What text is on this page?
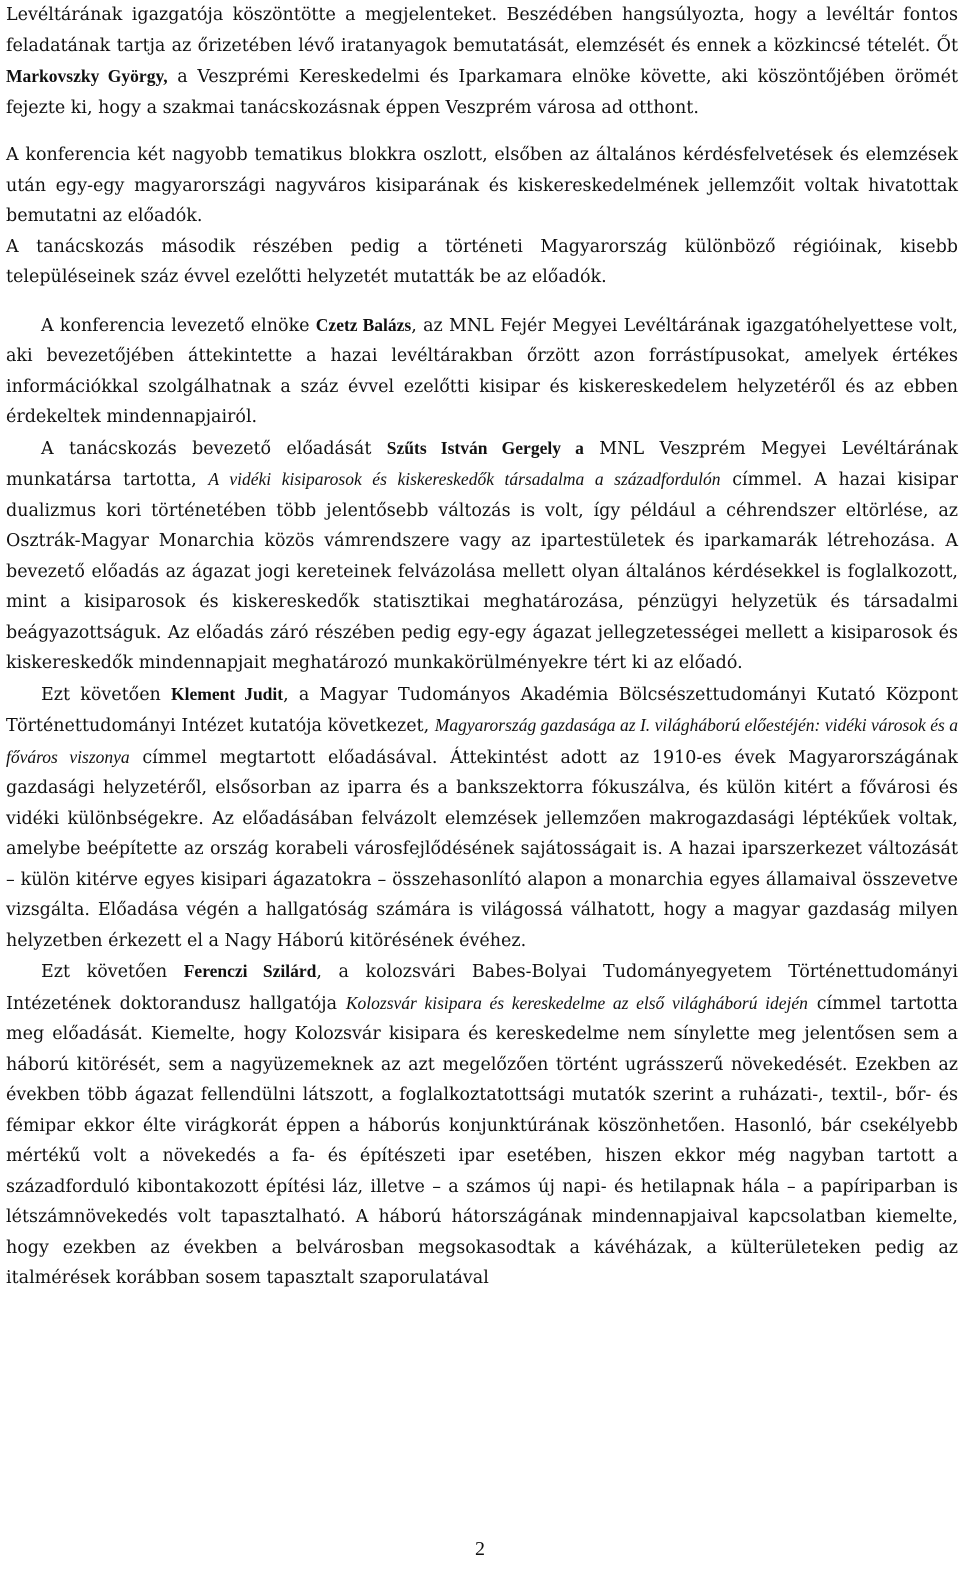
Levéltárának igazgatója köszöntötte a megjelenteket. Beszédében hangsúlyozta, hogy a levéltár fontos feladatának tartja az őrizetében lévő iratanyagok bemutatását, elemzését és ennek a közkincsé tételét. Őt Markovszky György, a Veszprémi Kereskedelmi és Iparkamara elnöke követte, aki köszöntőjében örömét fejezte ki, hogy a szakmai tanácskozásnak éppen Veszprém városa ad otthont.

A konferencia két nagyobb tematikus blokkra oszlott, elsőben az általános kérdésfelvetések és elemzések után egy-egy magyarországi nagyváros kisiparának és kiskereskedelmének jellemzőit voltak hivatottak bemutatni az előadók.

A tanácskozás második részében pedig a történeti Magyarország különböző régióinak, kisebb településeinek száz évvel ezelőtti helyzetét mutatták be az előadók.

A konferencia levezető elnöke Czetz Balázs, az MNL Fejér Megyei Levéltárának igazgatóhelyettese volt, aki bevezetőjében áttekintette a hazai levéltárakban őrzött azon forrástípusokat, amelyek értékes információkkal szolgálhatnak a száz évvel ezelőtti kisipar és kiskereskedelem helyzetéről és az ebben érdekeltek mindennapjairól.

A tanácskozás bevezető előadását Szűts István Gergely a MNL Veszprém Megyei Levéltárának munkatársa tartotta, A vidéki kisiparosok és kiskereskedők társadalma a századfordulón címmel. A hazai kisipar dualizmus kori történetében több jelentősebb változás is volt, így például a céhrendszer eltörlése, az Osztrák-Magyar Monarchia közös vámrendszere vagy az ipartestületek és iparkamarák létrehozása. A bevezető előadás az ágazat jogi kereteinek felvázolása mellett olyan általános kérdésekkel is foglalkozott, mint a kisiparosok és kiskereskedők statisztikai meghatározása, pénzügyi helyzetük és társadalmi beágyazottságuk. Az előadás záró részében pedig egy-egy ágazat jellegzetességei mellett a kisiparosok és kiskereskedők mindennapjait meghatározó munkakörülményekre tért ki az előadó.

Ezt követően Klement Judit, a Magyar Tudományos Akadémia Bölcsészettudományi Kutató Központ Történettudományi Intézet kutatója következet, Magyarország gazdasága az I. világháború előestéjén: vidéki városok és a főváros viszonya címmel megtartott előadásával. Áttekintést adott az 1910-es évek Magyarországának gazdasági helyzetéről, elsősorban az iparra és a bankszektorra fókuszálva, és külön kitért a fővárosi és vidéki különbségekre. Az előadásában felvázolt elemzések jellemzően makrogazdasági léptékűek voltak, amelybe beépítette az ország korabeli városfejlődésének sajátosságait is. A hazai iparszerkezet változását – külön kitérve egyes kisipari ágazatokra – összehasonlító alapon a monarchia egyes államaival összevetve vizsgálta. Előadása végén a hallgatóság számára is világossá válhatott, hogy a magyar gazdaság milyen helyzetben érkezett el a Nagy Háború kitörésének évéhez.

Ezt követően Ferenczi Szilárd, a kolozsvári Babes-Bolyai Tudományegyetem Történettudományi Intézetének doktorandusz hallgatója Kolozsvár kisipara és kereskedelme az első világháború idején címmel tartotta meg előadását. Kiemelte, hogy Kolozsvár kisipara és kereskedelme nem sínylette meg jelentősen sem a háború kitörését, sem a nagyüzemeknek az azt megelőzően történt ugrásszerű növekedését. Ezekben az években több ágazat fellendülni látszott, a foglalkoztatottsági mutatók szerint a ruházati-, textil-, bőr- és fémipar ekkor élte virágkorát éppen a háborús konjunktúrának köszönhetően. Hasonló, bár csekélyebb mértékű volt a növekedés a fa- és építészeti ipar esetében, hiszen ekkor még nagyban tartott a századforduló kibontakozott építési láz, illetve – a számos új napi- és hetilapnak hála – a papíriparban is létszámnövekedés volt tapasztalható. A háború hátországának mindennapjaival kapcsolatban kiemelte, hogy ezekben az években a belvárosban megsokasodtak a kávéházak, a külterületeken pedig az italmérések korábban sosem tapasztalt szaporulatával

2
